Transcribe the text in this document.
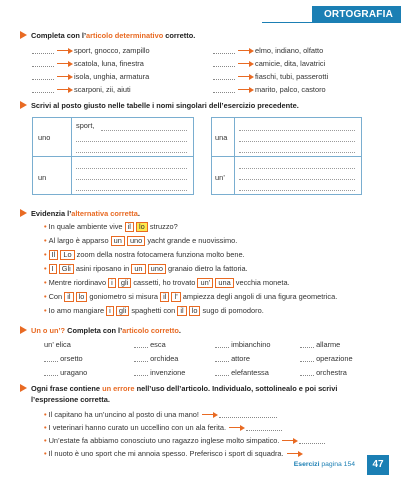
ORTOGRAFIA
Completa con l’articolo determinativo corretto.
sport, gnocco, zampillo
scatola, luna, finestra
isola, unghia, armatura
scarponi, zii, aiuti
elmo, indiano, olfatto
camicie, dita, lavatrici
fiaschi, tubi, passerotti
marito, palco, castoro
Scrivi al posto giusto nelle tabelle i nomi singolari dell’esercizio precedente.
uno
un
sport,
una
un’
Evidenzia l’alternativa corretta.
• In quale ambiente vive il lo struzzo?
• Al largo è apparso un uno yacht grande e nuovissimo.
• Il Lo zoom della nostra fotocamera funziona molto bene.
• I Gli asini riposano in un uno granaio dietro la fattoria.
• Mentre riordinavo i gli cassetti, ho trovato un’ una vecchia moneta.
• Con il lo goniometro si misura il l’ ampiezza degli angoli di una figura geometrica.
• Io amo mangiare i gli spaghetti con il lo sugo di pomodoro.
Un o un’? Completa con l’articolo corretto.
un’ elica
orsetto
uragano
esca
orchidea
invenzione
imbianchino
attore
elefantessa
allarme
operazione
orchestra
Ogni frase contiene un errore nell’uso dell’articolo. Individualo, sottolinealo e poi scrivi
l’espressione corretta.
• Il capitano ha un’uncino al posto di una mano!
• I veterinari hanno curato un uccellino con un ala ferita.
• Un’estate fa abbiamo conosciuto uno ragazzo inglese molto simpatico.
• Il nuoto è uno sport che mi annoia spesso. Preferisco i sport di squadra.
Esercizi pagina 154	47
